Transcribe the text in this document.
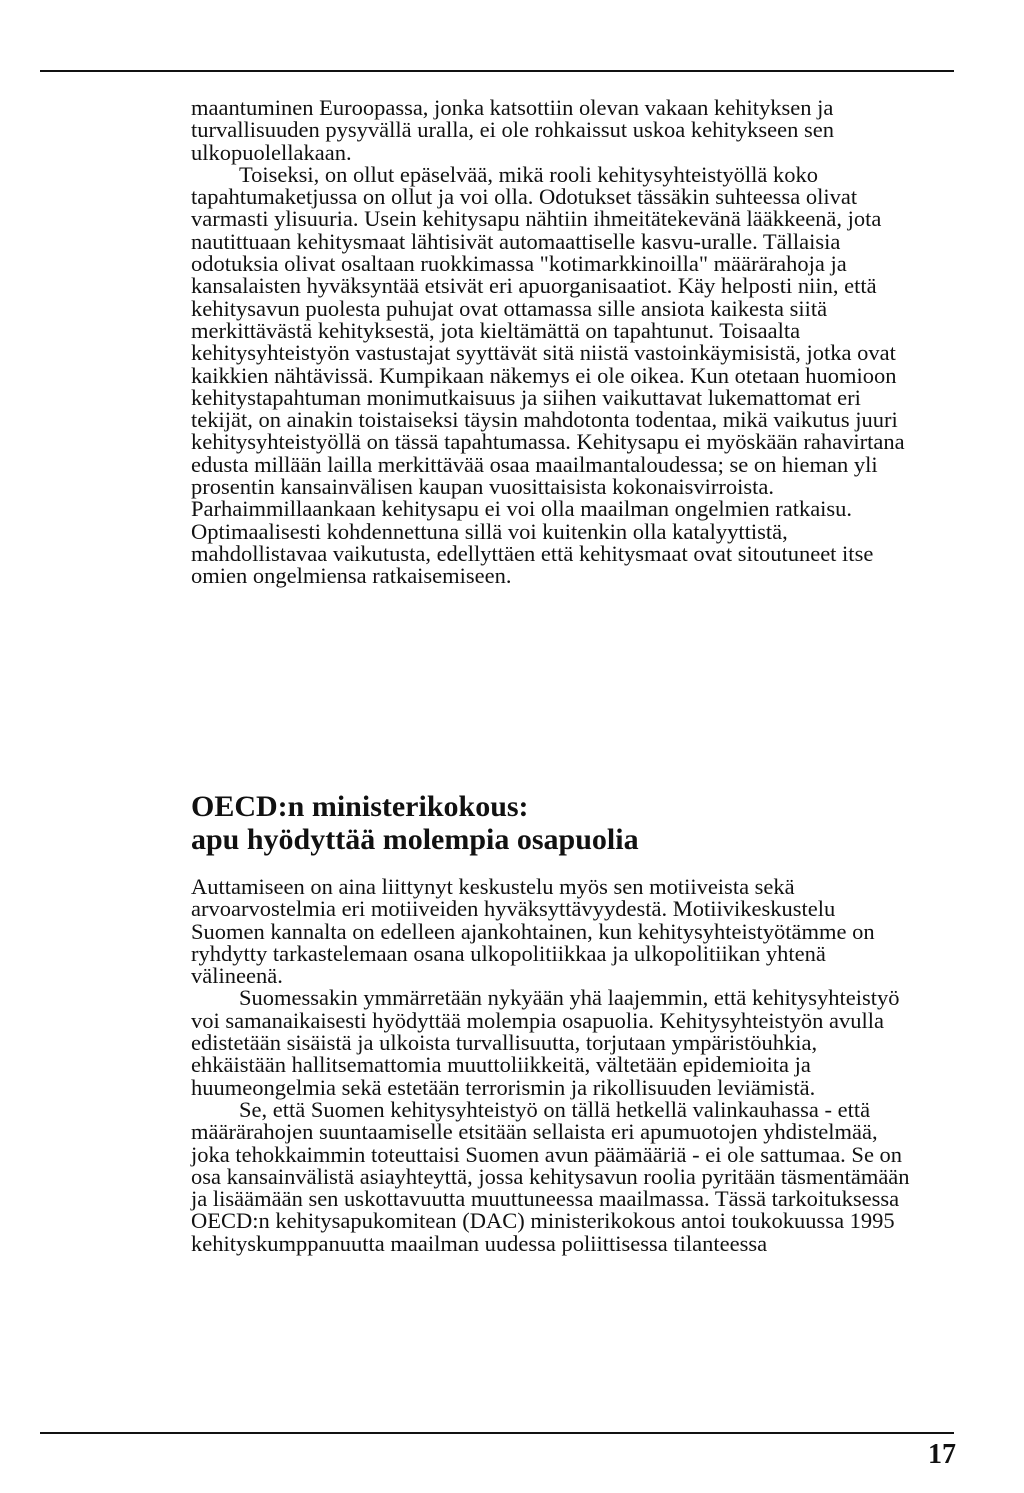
maantuminen Euroopassa, jonka katsottiin olevan vakaan kehityksen ja turvallisuuden pysyvällä uralla, ei ole rohkaissut uskoa kehitykseen sen ulkopuolellakaan.

Toiseksi, on ollut epäselvää, mikä rooli kehitysyhteistyöllä koko tapahtumaketjussa on ollut ja voi olla. Odotukset tässäkin suhteessa olivat varmasti ylisuuria. Usein kehitysapu nähtiin ihmeitätekevänä lääkkeenä, jota nautittuaan kehitysmaat lähtisivät automaattiselle kasvu-uralle. Tällaisia odotuksia olivat osaltaan ruokkimassa "kotimarkkinoilla" määrärahoja ja kansalaisten hyväksyntää etsivät eri apuorganisaatiot. Käy helposti niin, että kehitysavun puolesta puhujat ovat ottamassa sille ansiota kaikesta siitä merkittävästä kehityksestä, jota kieltämättä on tapahtunut. Toisaalta kehitysyhteistyön vastustajat syyttävät sitä niistä vastoinkäymisistä, jotka ovat kaikkien nähtävissä. Kumpikaan näkemys ei ole oikea. Kun otetaan huomioon kehitystapahtuman monimutkaisuus ja siihen vaikuttavat lukemattomat eri tekijät, on ainakin toistaiseksi täysin mahdotonta todentaa, mikä vaikutus juuri kehitysyhteistyöllä on tässä tapahtumassa. Kehitysapu ei myöskään rahavirtana edusta millään lailla merkittävää osaa maailmantaloudessa; se on hieman yli prosentin kansainvälisen kaupan vuosittaisista kokonaisvirroista. Parhaimmillaankaan kehitysapu ei voi olla maailman ongelmien ratkaisu. Optimaalisesti kohdennettuna sillä voi kuitenkin olla katalyyttistä, mahdollistavaa vaikutusta, edellyttäen että kehitysmaat ovat sitoutuneet itse omien ongelmiensa ratkaisemiseen.

OECD:n ministerikokous:
apu hyödyttää molempia osapuolia

Auttamiseen on aina liittynyt keskustelu myös sen motiiveista sekä arvoarvostelmia eri motiiveiden hyväksyttävyydestä. Motiivikeskustelu Suomen kannalta on edelleen ajankohtainen, kun kehitysyhteistyötämme on ryhdytty tarkastelemaan osana ulkopolitiikkaa ja ulkopolitiikan yhtenä välineenä.

Suomessakin ymmärretään nykyään yhä laajemmin, että kehitysyhteistyö voi samanaikaisesti hyödyttää molempia osapuolia. Kehitysyhteistyön avulla edistetään sisäistä ja ulkoista turvallisuutta, torjutaan ympäristöuhkia, ehkäistään hallitsemattomia muuttoliikkeitä, vältetään epidemioita ja huumeongelmia sekä estetään terrorismin ja rikollisuuden leviämistä.

Se, että Suomen kehitysyhteistyö on tällä hetkellä valinkauhassa - että määrärahojen suuntaamiselle etsitään sellaista eri apumuotojen yhdistelmää, joka tehokkaimmin toteuttaisi Suomen avun päämääriä - ei ole sattumaa. Se on osa kansainvälistä asiayhteyttä, jossa kehitysavun roolia pyritään täsmentämään ja lisäämään sen uskottavuutta muuttuneessa maailmassa. Tässä tarkoituksessa OECD:n kehitysapukomitean (DAC) ministerikokous antoi toukokuussa 1995 kehityskumppanuutta maailman uudessa poliittisessa tilanteessa

17
